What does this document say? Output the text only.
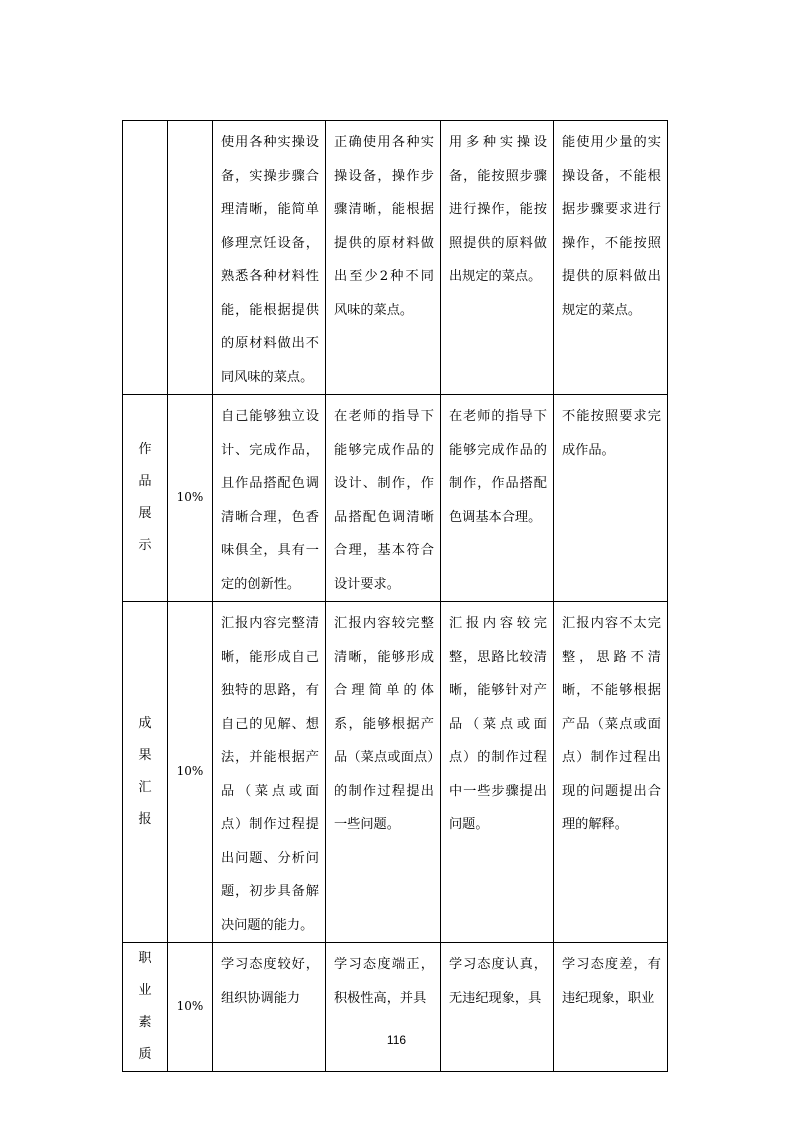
		使用各种实操设备，实操步骤合理清晰，能简单修理烹饪设备，熟悉各种材料性能，能根据提供的原材料做出不同风味的菜点。	正确使用各种实操设备，操作步骤清晰，能根据提供的原材料做出至少2种不同风味的菜点。	用多种实操设备，能按照步骤进行操作，能按照提供的原料做出规定的菜点。	能使用少量的实操设备，不能根据步骤要求进行操作，不能按照提供的原料做出规定的菜点。

作品展示	10%	自己能够独立设计、完成作品，且作品搭配色调清晰合理，色香味俱全，具有一定的创新性。	在老师的指导下能够完成作品的设计、制作，作品搭配色调清晰合理，基本符合设计要求。	在老师的指导下能够完成作品的制作，作品搭配色调基本合理。	不能按照要求完成作品。

成果汇报	10%	汇报内容完整清晰，能形成自己独特的思路，有自己的见解、想法，并能根据产品（菜点或面点）制作过程提出问题、分析问题，初步具备解决问题的能力。	汇报内容较完整清晰，能够形成合理简单的体系，能够根据产品（菜点或面点）的制作过程提出一些问题。	汇报内容较完整，思路比较清晰，能够针对产品（菜点或面点）的制作过程中一些步骤提出问题。	汇报内容不太完整，思路不清晰，不能够根据产品（菜点或面点）制作过程出现的问题提出合理的解释。

职业素质	10%	学习态度较好，组织协调能力	学习态度端正，积极性高，并具	学习态度认真，无违纪现象，具	学习态度差，有违纪现象，职业
116
